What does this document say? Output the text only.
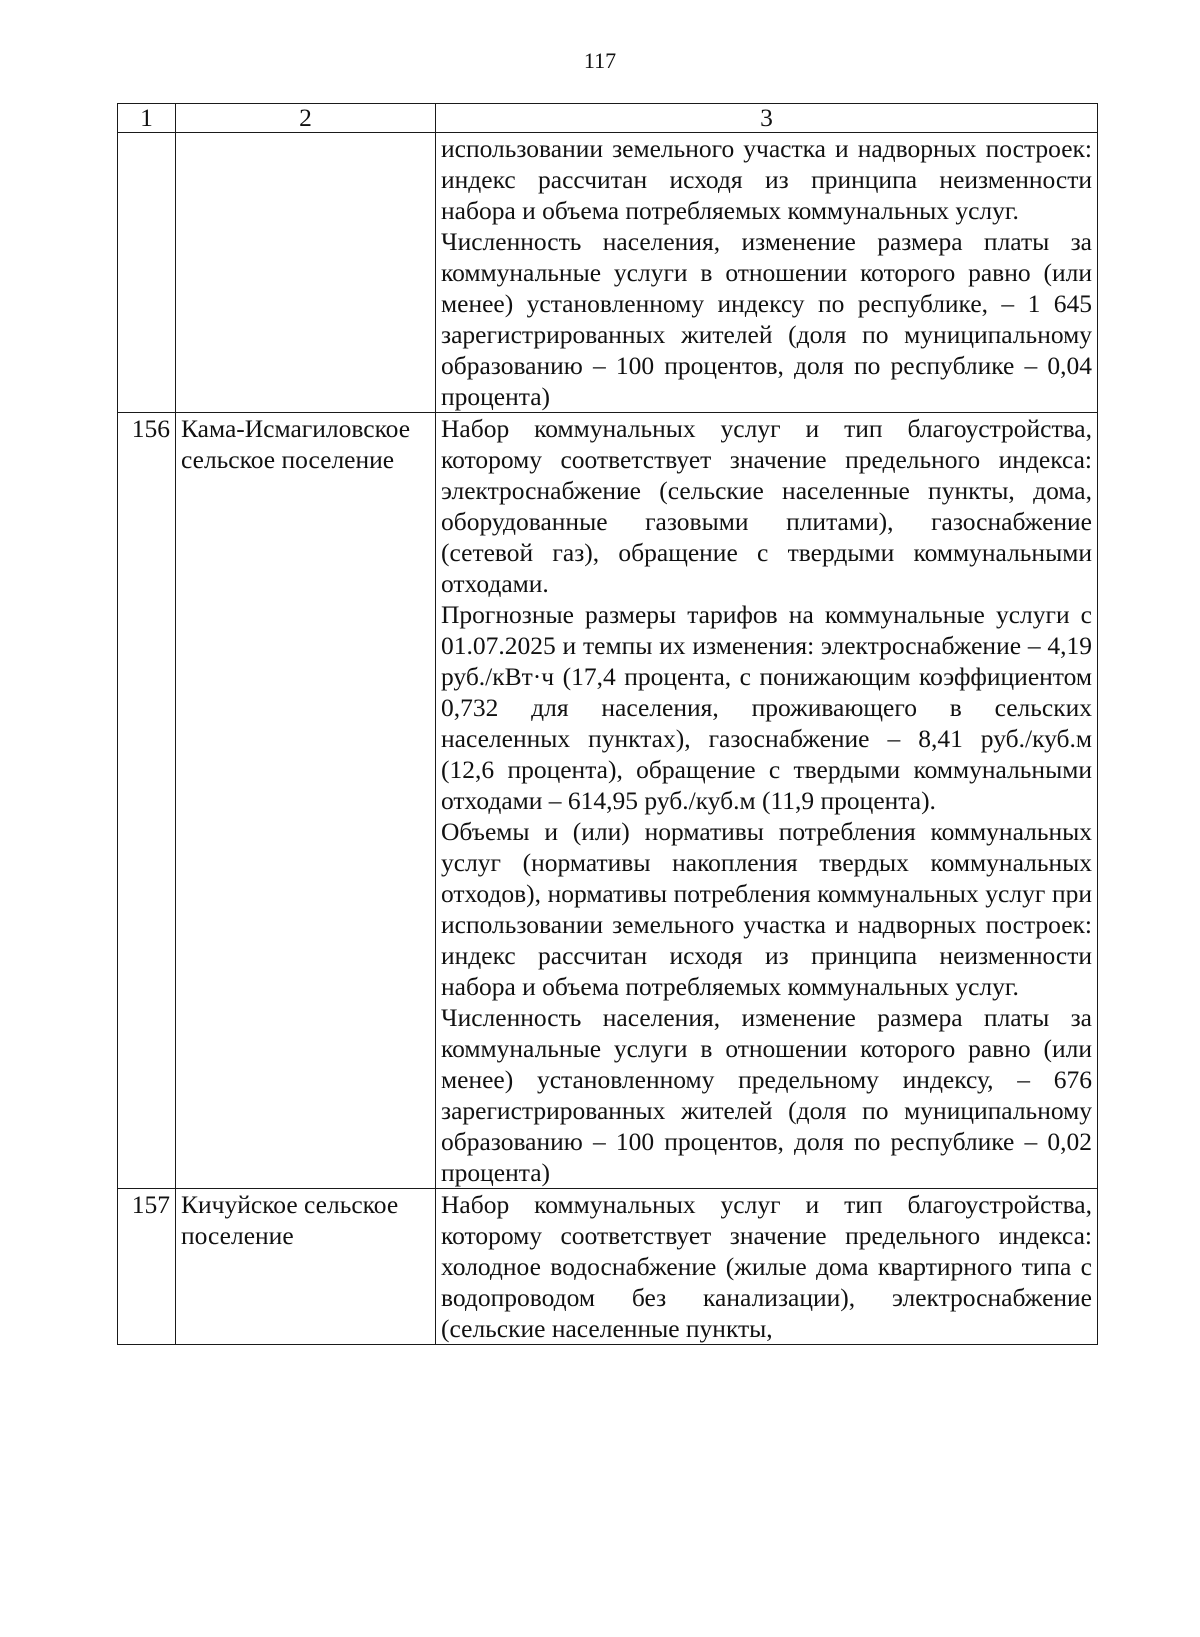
117
1	2	3

		использовании земельного участка и надворных построек: индекс рассчитан исходя из принципа неизменности набора и объема потребляемых коммунальных услуг.

Численность населения, изменение размера платы за коммунальные услуги в отношении которого равно (или менее) установленному индексу по республике, – 1 645 зарегистрированных жителей (доля по муниципальному образованию – 100 процентов, доля по республике – 0,04 процента)

156	Кама-Исмагиловское сельское поселение	Набор коммунальных услуг и тип благоустройства, которому соответствует значение предельного индекса: электроснабжение (сельские населенные пункты, дома, оборудованные газовыми плитами), газоснабжение (сетевой газ), обращение с твердыми коммунальными отходами.

Прогнозные размеры тарифов на коммунальные услуги с 01.07.2025 и темпы их изменения: электроснабжение – 4,19 руб./кВт·ч (17,4 процента, с понижающим коэффициентом 0,732 для населения, проживающего в сельских населенных пунктах), газоснабжение – 8,41 руб./куб.м (12,6 процента), обращение с твердыми коммунальными отходами – 614,95 руб./куб.м (11,9 процента).

Объемы и (или) нормативы потребления коммунальных услуг (нормативы накопления твердых коммунальных отходов), нормативы потребления коммунальных услуг при использовании земельного участка и надворных построек: индекс рассчитан исходя из принципа неизменности набора и объема потребляемых коммунальных услуг.

Численность населения, изменение размера платы за коммунальные услуги в отношении которого равно (или менее) установленному предельному индексу, – 676 зарегистрированных жителей (доля по муниципальному образованию – 100 процентов, доля по республике – 0,02 процента)

157	Кичуйское сельское поселение	Набор коммунальных услуг и тип благоустройства, которому соответствует значение предельного индекса: холодное водоснабжение (жилые дома квартирного типа с водопроводом без канализации), электроснабжение (сельские населенные пункты,
